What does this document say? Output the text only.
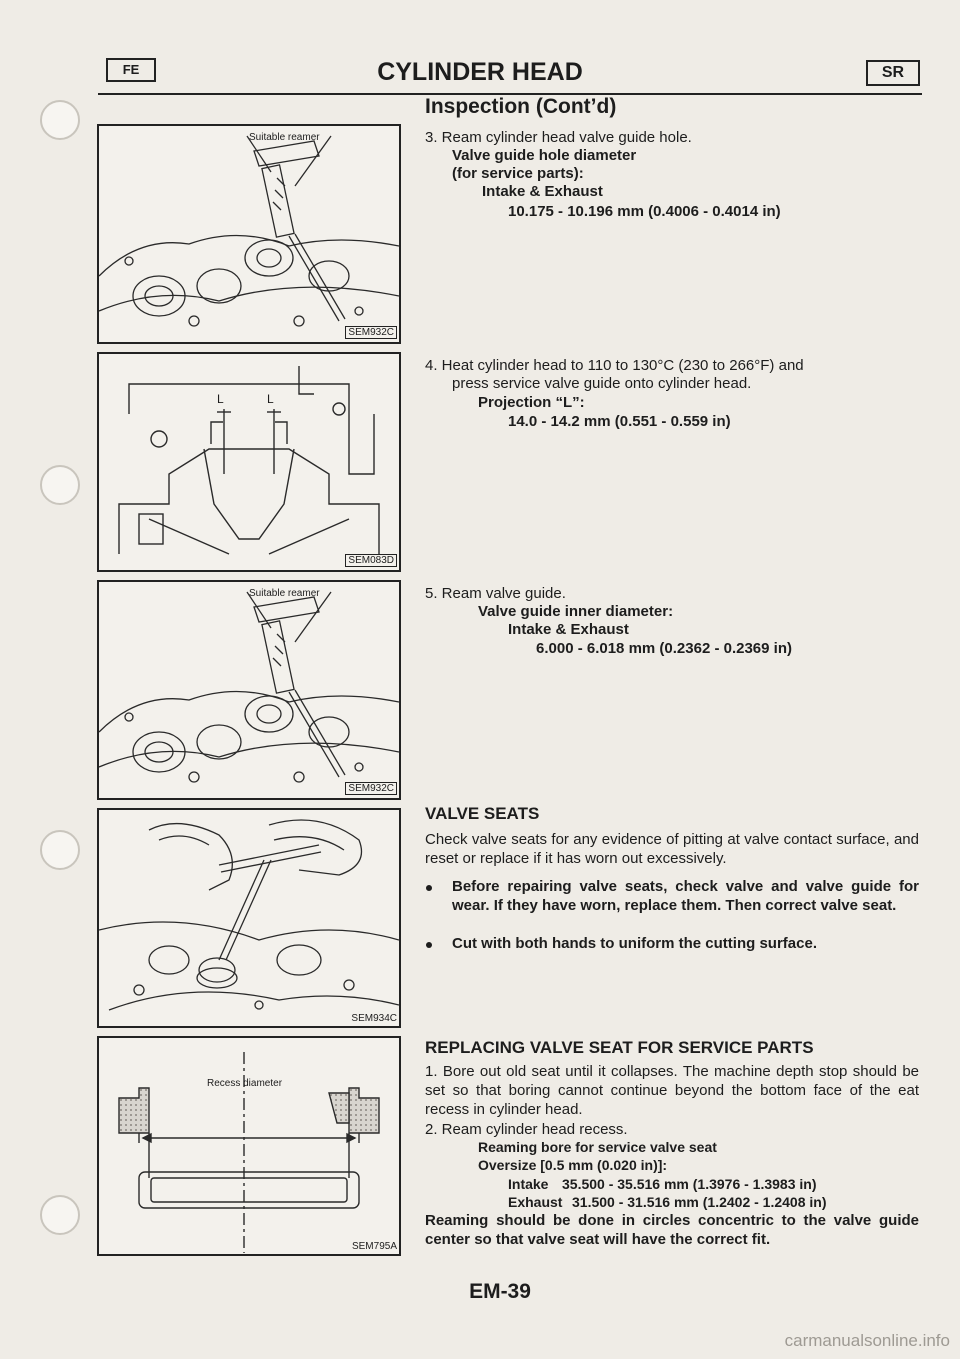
FE	CYLINDER HEAD	SR
Inspection (Cont’d)
Suitable reamer
SEM932C
3. Ream cylinder head valve guide hole.
Valve guide hole diameter
(for service parts):
Intake & Exhaust
10.175 - 10.196 mm (0.4006 - 0.4014 in)
L	L
SEM083D
4. Heat cylinder head to 110 to 130°C (230 to 266°F) and
press service valve guide onto cylinder head.
Projection “L”:
14.0 - 14.2 mm (0.551 - 0.559 in)
Suitable reamer
SEM932C
5. Ream valve guide.
Valve guide inner diameter:
Intake & Exhaust
6.000 - 6.018 mm (0.2362 - 0.2369 in)
SEM934C
VALVE SEATS
Check valve seats for any evidence of pitting at valve contact surface, and reset or replace if it has worn out excessively.
Before repairing valve seats, check valve and valve guide for wear. If they have worn, replace them. Then correct valve seat.
Cut with both hands to uniform the cutting surface.
Recess diameter
SEM795A
REPLACING VALVE SEAT FOR SERVICE PARTS
1. Bore out old seat until it collapses. The machine depth stop should be set so that boring cannot continue beyond the bottom face of the eat recess in cylinder head.
2. Ream cylinder head recess.
Reaming bore for service valve seat
Oversize [0.5 mm (0.020 in)]:
Intake 35.500 - 35.516 mm (1.3976 - 1.3983 in)
Exhaust 31.500 - 31.516 mm (1.2402 - 1.2408 in)
Reaming should be done in circles concentric to the valve guide center so that valve seat will have the correct fit.
EM-39
carmanualsonline.info
